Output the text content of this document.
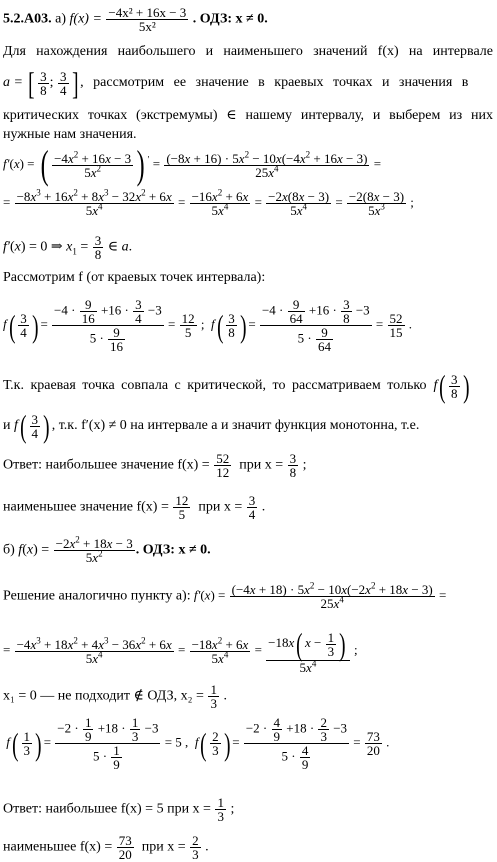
5.2.А03. а) $f(x) = \frac{\text{−4x² + 16x − 3}}{\text{5x²}}$ . ОДЗ: x ≠ 0.
Для нахождения наибольшего и наименьшего значений f(x) на интервале
a = [ $\frac{3}{8}$ ; $\frac{3}{4}$ ] , рассмотрим ее значение в краевых точках и значения в
критических точках (экстремумы) ∈ нашему интервалу, и выберем из них
нужные нам значения.
f′(x) = ( $\frac{-4x^2 + 16x - 3}{5x^2}$ ) $' = \frac{(-8x + 16) \cdot 5x^2 - 10x(-4x^2 + 16x - 3)}{25x^4}$ =
= $\frac{-8x^3 + 16x^2 + 8x^3 - 32x^2 + 6x}{5x^4} = \frac{-16x^2 + 6x}{5x^4} = \frac{-2x(8x - 3)}{5x^4} = \frac{-2(8x - 3)}{5x^3}$ ;
f′(x) = 0 ⇒ $x_1 = \frac{3}{8}$ ∈ a.
Рассмотрим f (от краевых точек интервала):
$f( \frac{3}{4}$ ) = $\frac{-4 \cdot \frac{9}{16} +16 \cdot \frac{3}{4} -3}{5 \cdot \frac{9}{16}} = \frac{12}{5}$ ;  $f( \frac{3}{8}$ ) = $\frac{-4 \cdot \frac{9}{64} +16 \cdot \frac{3}{8} -3}{5 \cdot \frac{9}{64}} = \frac{52}{15}$ .
Т.к. краевая точка совпала с критической, то рассматриваем только $f( \frac{3}{8}$ )
и $f( \frac{3}{4}$ ) , т.к. f′(x) ≠ 0 на интервале a и значит функция монотонна, т.е.
Ответ: наибольшее значение $f(x) = \frac{52}{12}$ при $x = \frac{3}{8}$ ;
наименьшее значение $f(x) = \frac{12}{5}$ при $x = \frac{3}{4}$ .
б) $f(x) = \frac{-2x^2 + 18x - 3}{5x^2}$ . ОДЗ: x ≠ 0.
Решение аналогично пункту а): $f'(x) = \frac{(-4x + 18) \cdot 5x^2 - 10x(-2x^2 + 18x - 3)}{25x^4}$ =
= $\frac{-4x^3 + 18x^2 + 4x^3 - 36x^2 + 6x}{5x^4} = \frac{-18x^2 + 6x}{5x^4} = \frac{-18x( x - \frac{1}{3} )}{5x^4}$ ;
x₁ = 0 — не подходит ∉ ОДЗ, $x_2 = \frac{1}{3}$ .
$f( \frac{1}{3}$ ) = $\frac{-2 \cdot \frac{1}{9} +18 \cdot \frac{1}{3} -3}{5 \cdot \frac{1}{9}} = 5$ ,  $f( \frac{2}{3}$ ) = $\frac{-2 \cdot \frac{4}{9} +18 \cdot \frac{2}{3} -3}{5 \cdot \frac{4}{9}} = \frac{73}{20}$ .
Ответ: наибольшее f(x) = 5 при $x = \frac{1}{3}$ ;
наименьшее $f(x) = \frac{73}{20}$ при $x = \frac{2}{3}$ .
